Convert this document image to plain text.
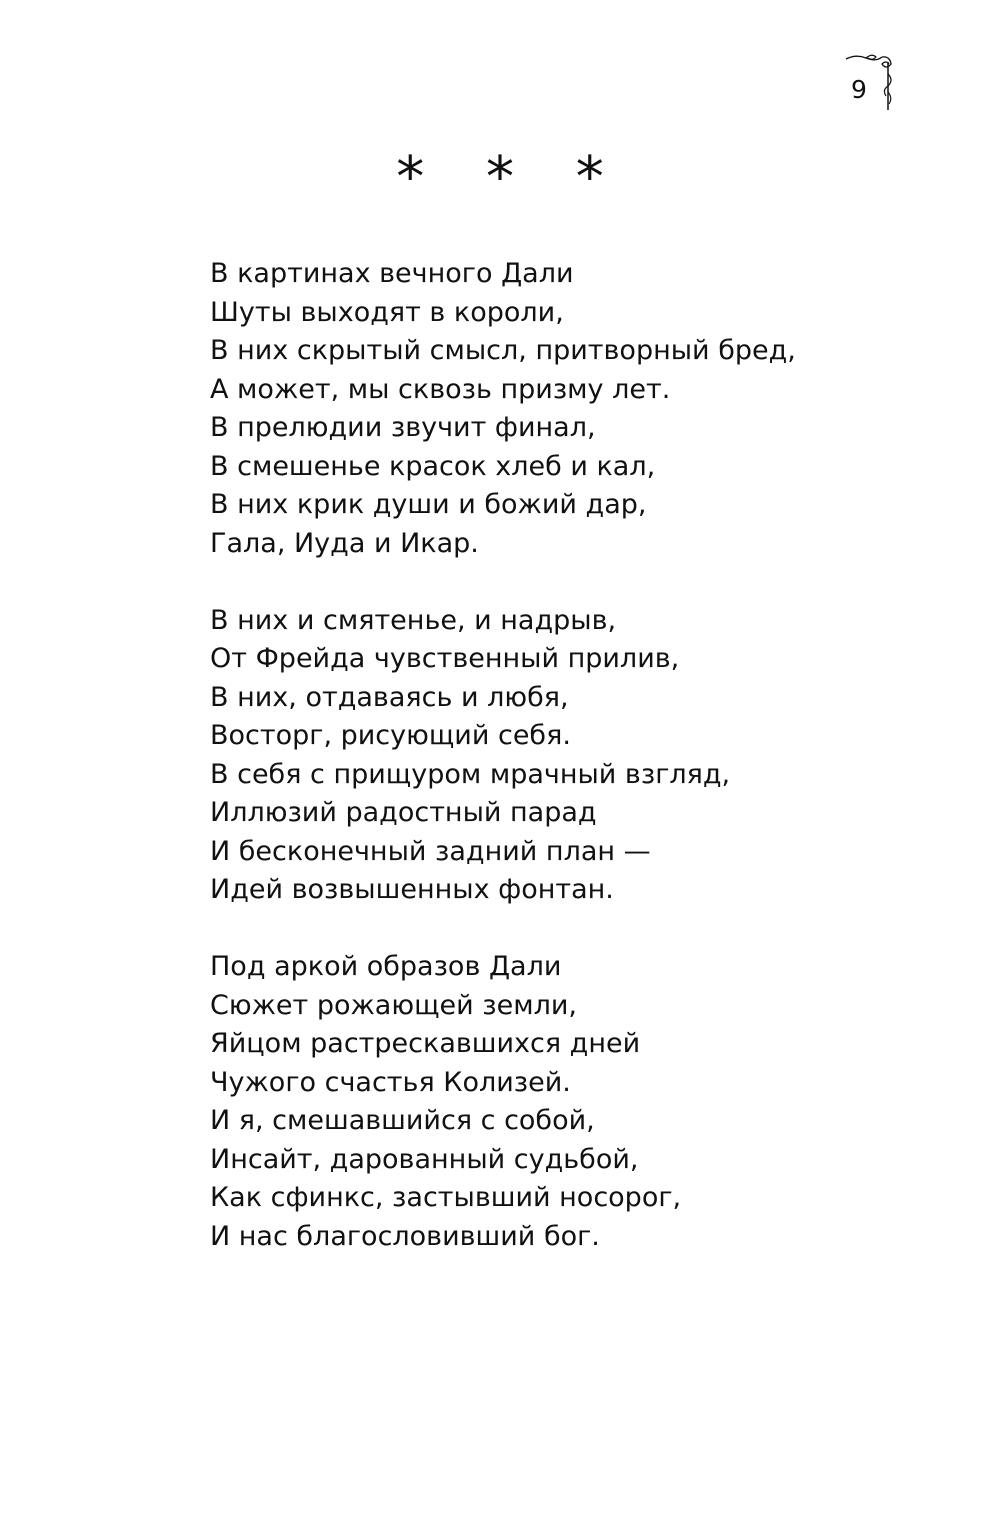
9
* * *
В картинах вечного Дали
Шуты выходят в короли,
В них скрытый смысл, притворный бред,
А может, мы сквозь призму лет.
В прелюдии звучит финал,
В смешенье красок хлеб и кал,
В них крик души и божий дар,
Гала, Иуда и Икар.
В них и смятенье, и надрыв,
От Фрейда чувственный прилив,
В них, отдаваясь и любя,
Восторг, рисующий себя.
В себя с прищуром мрачный взгляд,
Иллюзий радостный парад
И бесконечный задний план —
Идей возвышенных фонтан.
Под аркой образов Дали
Сюжет рожающей земли,
Яйцом растрескавшихся дней
Чужого счастья Колизей.
И я, смешавшийся с собой,
Инсайт, дарованный судьбой,
Как сфинкс, застывший носорог,
И нас благословивший бог.
